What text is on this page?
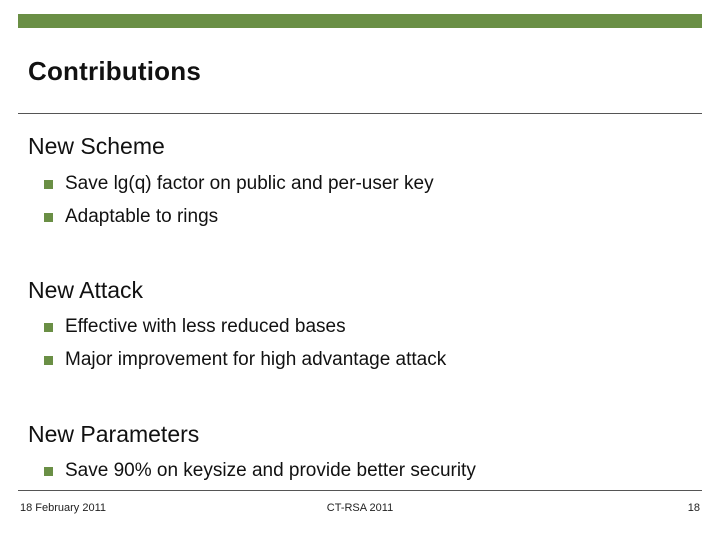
Contributions
New Scheme
Save lg(q) factor on public and per-user key
Adaptable to rings
New Attack
Effective with less reduced bases
Major improvement for high advantage attack
New Parameters
Save 90% on keysize and provide better security
18 February 2011	CT-RSA 2011	18
